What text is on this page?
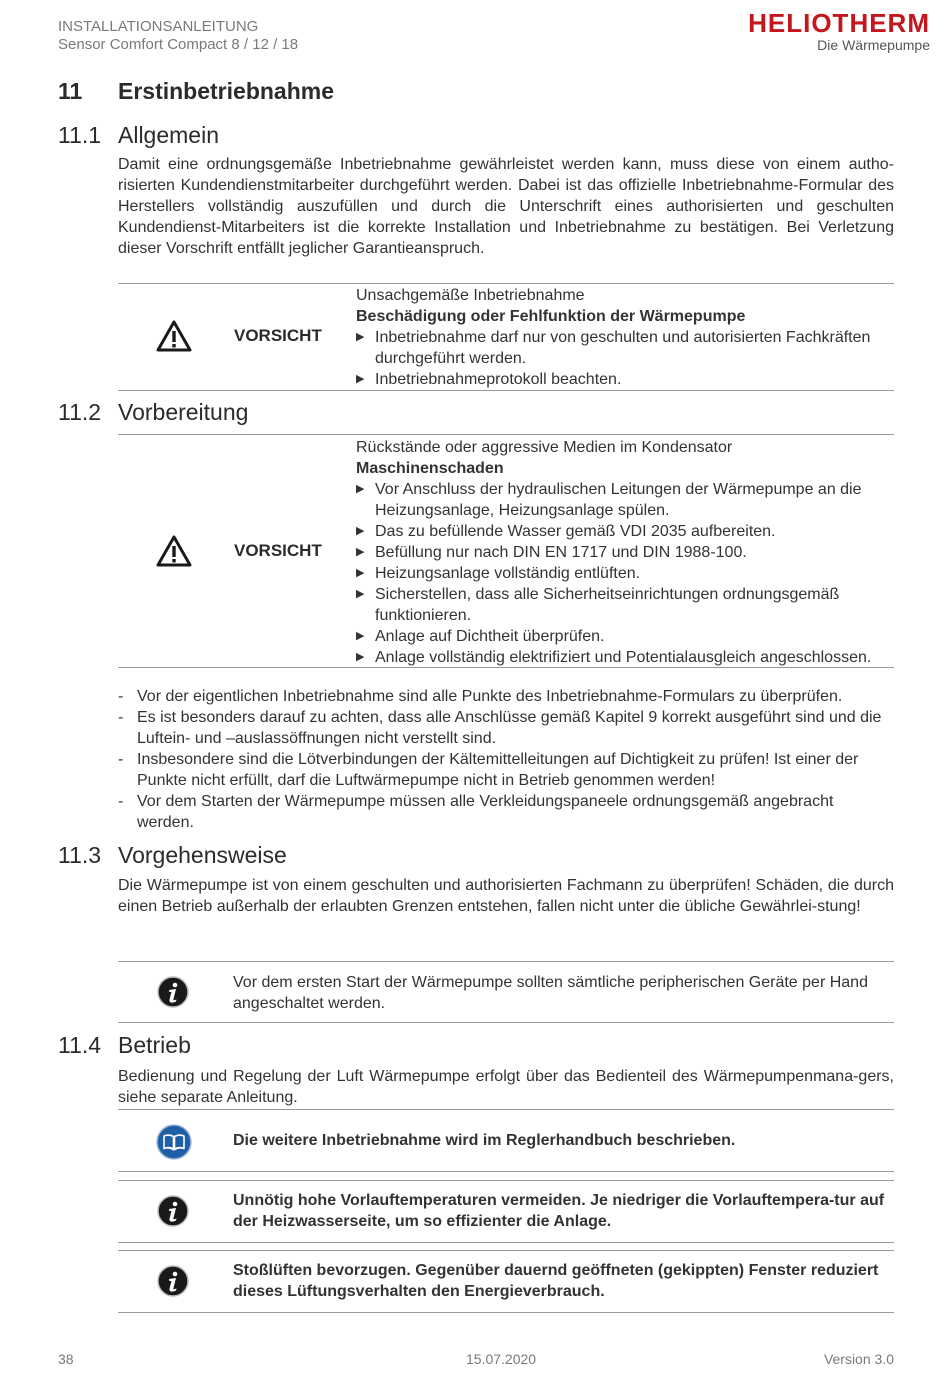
INSTALLATIONSANLEITUNG
Sensor Comfort Compact 8 / 12 / 18
HELIOTHERM
Die Wärmepumpe
11 Erstinbetriebnahme
11.1 Allgemein
Damit eine ordnungsgemäße Inbetriebnahme gewährleistet werden kann, muss diese von einem autho-risierten Kundendienstmitarbeiter durchgeführt werden. Dabei ist das offizielle Inbetriebnahme-Formular des Herstellers vollständig auszufüllen und durch die Unterschrift eines authorisierten und geschulten Kundendienst-Mitarbeiters ist die korrekte Installation und Inbetriebnahme zu bestätigen. Bei Verletzung dieser Vorschrift entfällt jeglicher Garantieanspruch.
VORSICHT
Unsachgemäße Inbetriebnahme
Beschädigung oder Fehlfunktion der Wärmepumpe
▶ Inbetriebnahme darf nur von geschulten und autorisierten Fachkräften durchgeführt werden.
▶ Inbetriebnahmeprotokoll beachten.
11.2 Vorbereitung
VORSICHT
Rückstände oder aggressive Medien im Kondensator
Maschinenschaden
▶ Vor Anschluss der hydraulischen Leitungen der Wärmepumpe an die Heizungsanlage, Heizungsanlage spülen.
▶ Das zu befüllende Wasser gemäß VDI 2035 aufbereiten.
▶ Befüllung nur nach DIN EN 1717 und DIN 1988-100.
▶ Heizungsanlage vollständig entlüften.
▶ Sicherstellen, dass alle Sicherheitseinrichtungen ordnungsgemäß funktionieren.
▶ Anlage auf Dichtheit überprüfen.
▶ Anlage vollständig elektrifiziert und Potentialausgleich angeschlossen.
- Vor der eigentlichen Inbetriebnahme sind alle Punkte des Inbetriebnahme-Formulars zu überprüfen.
- Es ist besonders darauf zu achten, dass alle Anschlüsse gemäß Kapitel 9 korrekt ausgeführt sind und die Luftein- und –auslassöffnungen nicht verstellt sind.
- Insbesondere sind die Lötverbindungen der Kältemittelleitungen auf Dichtigkeit zu prüfen! Ist einer der Punkte nicht erfüllt, darf die Luftwärmepumpe nicht in Betrieb genommen werden!
- Vor dem Starten der Wärmepumpe müssen alle Verkleidungspaneele ordnungsgemäß angebracht werden.
11.3 Vorgehensweise
Die Wärmepumpe ist von einem geschulten und authorisierten Fachmann zu überprüfen! Schäden, die durch einen Betrieb außerhalb der erlaubten Grenzen entstehen, fallen nicht unter die übliche Gewährlei-stung!
Vor dem ersten Start der Wärmepumpe sollten sämtliche peripherischen Geräte per Hand angeschaltet werden.
11.4 Betrieb
Bedienung und Regelung der Luft Wärmepumpe erfolgt über das Bedienteil des Wärmepumpenmana-gers, siehe separate Anleitung.
Die weitere Inbetriebnahme wird im Reglerhandbuch beschrieben.
Unnötig hohe Vorlauftemperaturen vermeiden. Je niedriger die Vorlauftempera-tur auf der Heizwasserseite, um so effizienter die Anlage.
Stoßlüften bevorzugen. Gegenüber dauernd geöffneten (gekippten) Fenster reduziert dieses Lüftungsverhalten den Energieverbrauch.
38	15.07.2020	Version 3.0
